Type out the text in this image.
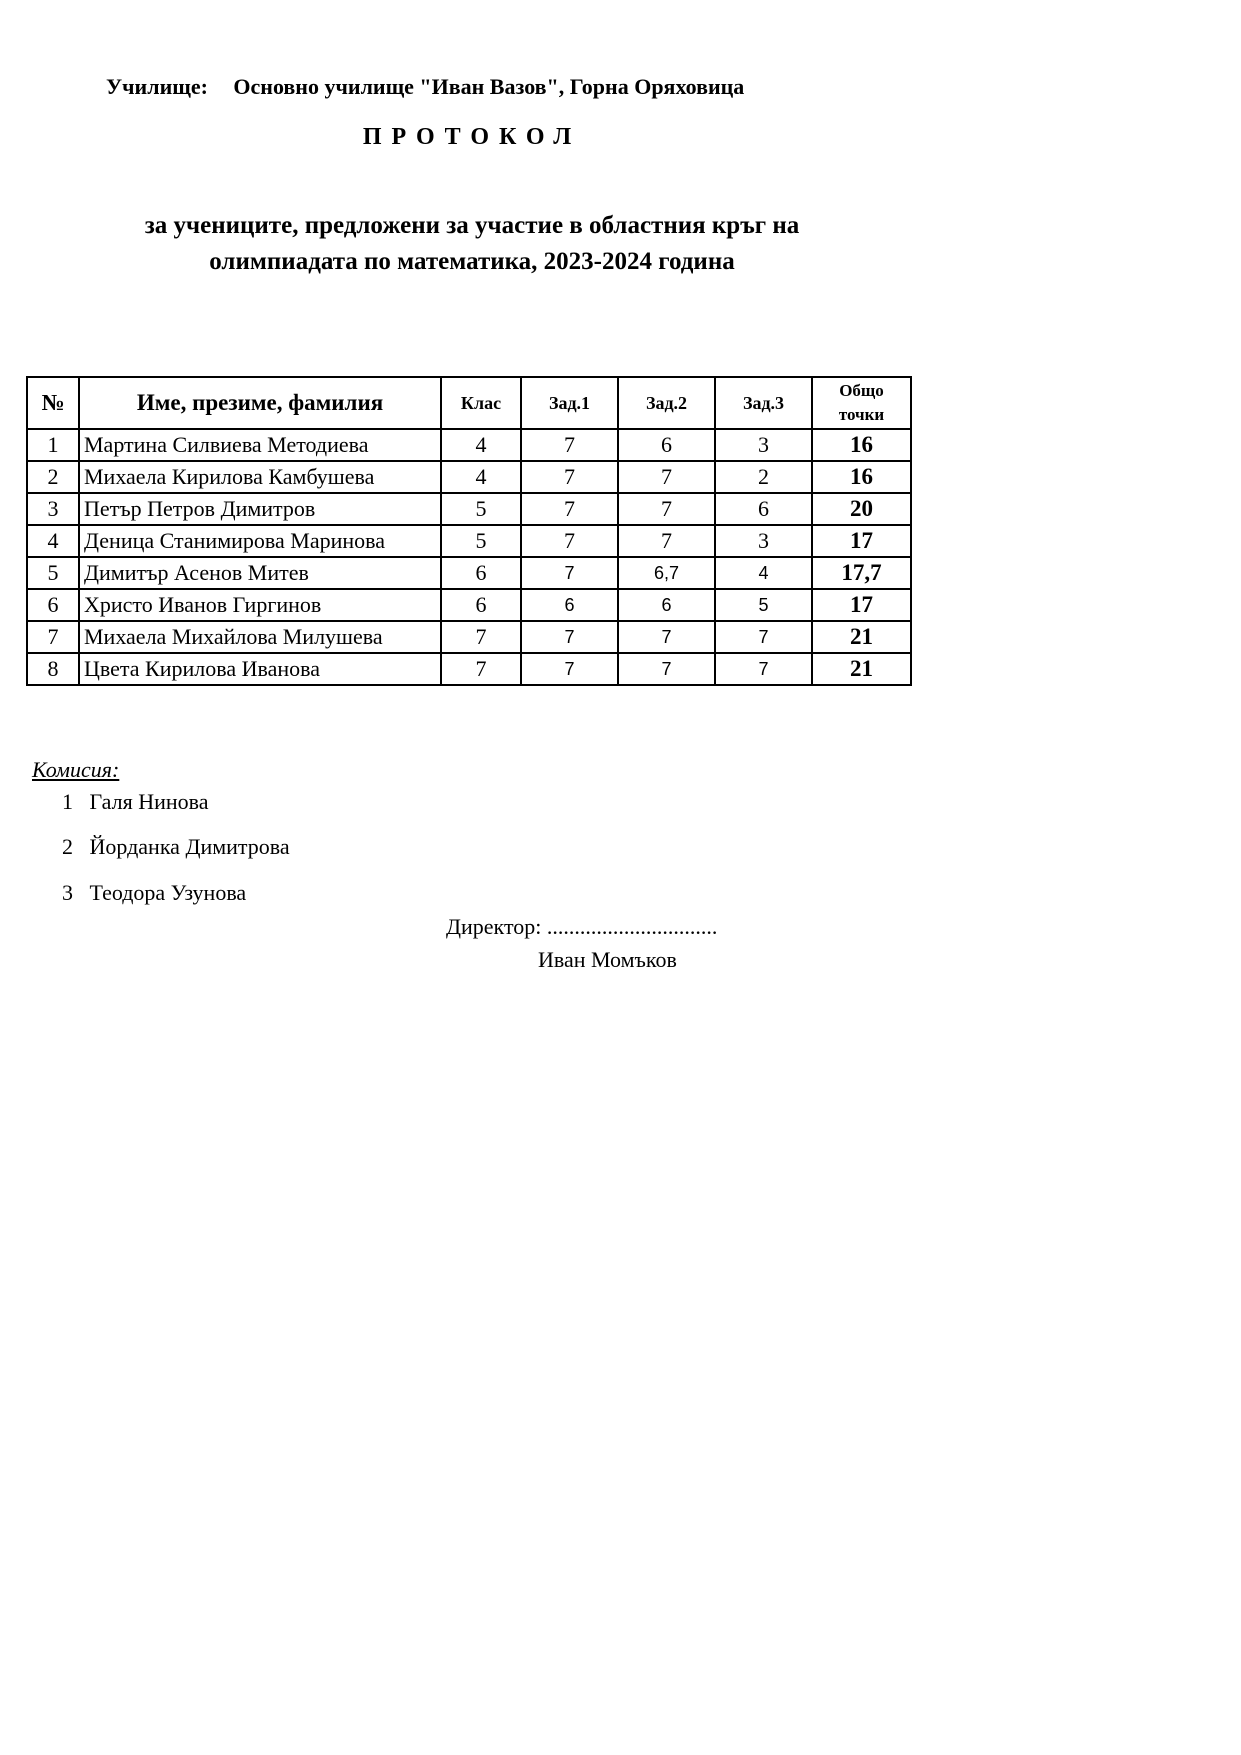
Училище: Основно училище "Иван Вазов", Горна Оряховица
ПРОТОКОЛ
за учениците, предложени за участие в областния кръг на
олимпиадата по математика, 2023-2024 година
№	Име, презиме, фамилия	Клас	Зад.1	Зад.2	Зад.3	Общо
точки

1	Мартина Силвиева Методиева	4	7	6	3	16
2	Михаела Кирилова Камбушева	4	7	7	2	16
3	Петър Петров Димитров	5	7	7	6	20
4	Деница Станимирова Маринова	5	7	7	3	17
5	Димитър Асенов Митев	6	7	6,7	4	17,7
6	Христо Иванов Гиргинов	6	6	6	5	17
7	Михаела Михайлова Милушева	7	7	7	7	21
8	Цвета Кирилова Иванова	7	7	7	7	21
Комисия:
1 Галя Нинова
2 Йорданка Димитрова
3 Теодора Узунова
Директор: ...............................
Иван Момъков
